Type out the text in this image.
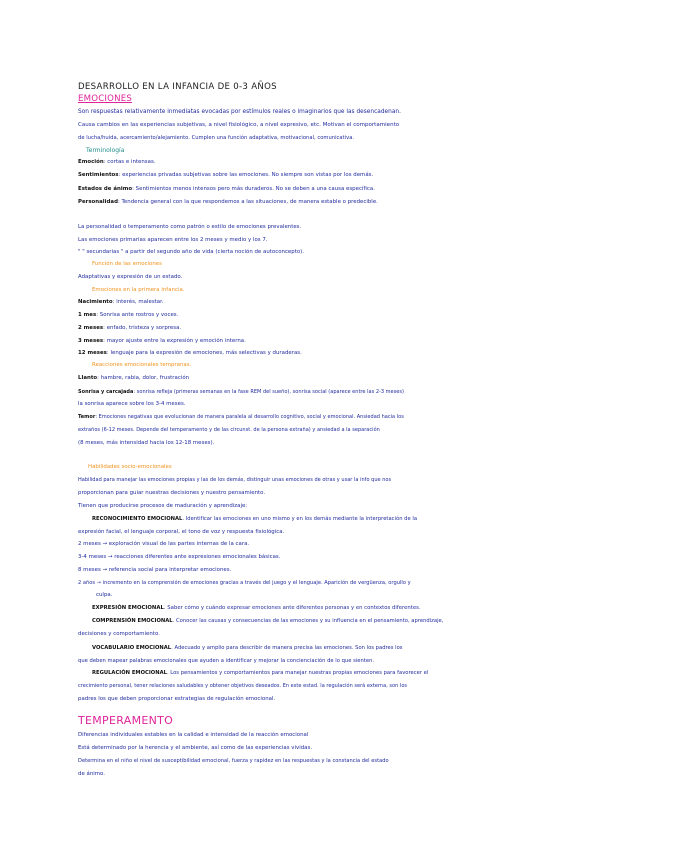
DESARROLLO EN LA INFANCIA DE 0-3 AÑOS
EMOCIONES
Son respuestas relativamente inmediatas evocadas por estímulos reales o imaginarios que las desencadenan.
Causa cambios en las experiencias subjetivas, a nivel fisiológico, a nivel expresivo, etc. Motivan el comportamiento
de lucha/huida, acercamiento/alejamiento. Cumplen una función adaptativa, motivacional, comunicativa.
Terminología
Emoción: cortas e intensas.
Sentimientos: experiencias privadas subjetivas sobre las emociones. No siempre son vistas por los demás.
Estados de ánimo: Sentimientos menos intensos pero más duraderos. No se deben a una causa específica.
Personalidad: Tendencia general con la que respondemos a las situaciones, de manera estable o predecible.
La personalidad o temperamento como patrón o estilo de emociones prevalentes.
Las emociones primarias aparecen entre los 2 meses y medio y los 7.
" " secundarias " a partir del segundo año de vida (cierta noción de autoconcepto).
Función de las emociones
Adaptativas y expresión de un estado.
Emociones en la primera infancia.
Nacimiento: interés, malestar.
1 mes: Sonrisa ante rostros y voces.
2 meses: enfado, tristeza y sorpresa.
3 meses: mayor ajuste entre la expresión y emoción interna.
12 meses: lenguaje para la expresión de emociones, más selectivas y duraderas.
Reacciones emocionales tempranas.
Llanto: hambre, rabia, dolor, frustración
Sonrisa y carcajada: sonrisa refleja (primeras semanas en la fase REM del sueño), sonrisa social (aparece entre las 2-3 meses)
la sonrisa aparece sobre los 3-4 meses.
Temor: Emociones negativas que evolucionan de manera paralela al desarrollo cognitivo, social y emocional. Ansiedad hacia los
extraños (6-12 meses. Depende del temperamento y de las circunst. de la persona extraña) y ansiedad a la separación
(8 meses, más intensidad hacia los 12-18 meses).
Habilidades socio-emocionales
Habilidad para manejar las emociones propias y las de los demás, distinguir unas emociones de otras y usar la info que nos
proporcionan para guiar nuestras decisiones y nuestro pensamiento.
Tienen que producirse procesos de maduración y aprendizaje:
RECONOCIMIENTO EMOCIONAL. Identificar las emociones en uno mismo y en los demás mediante la interpretación de la
expresión facial, el lenguaje corporal, el tono de voz y respuesta fisiológica.
2 meses → exploración visual de las partes internas de la cara.
3-4 meses → reacciones diferentes ante expresiones emocionales básicas.
8 meses → referencia social para interpretar emociones.
2 años → incremento en la comprensión de emociones gracias a través del juego y el lenguaje. Aparición de vergüenza, orgullo y
culpa.
EXPRESIÓN EMOCIONAL. Saber cómo y cuándo expresar emociones ante diferentes personas y en contextos diferentes.
COMPRENSIÓN EMOCIONAL. Conocer las causas y consecuencias de las emociones y su influencia en el pensamiento, aprendizaje,
decisiones y comportamiento.
VOCABULARIO EMOCIONAL. Adecuado y amplio para describir de manera precisa las emociones. Son los padres los
que deben mapear palabras emocionales que ayuden a identificar y mejorar la concienciación de lo que sienten.
REGULACIÓN EMOCIONAL. Los pensamientos y comportamientos para manejar nuestras propias emociones para favorecer el
crecimiento personal, tener relaciones saludables y obtener objetivos deseados. En este estad. la regulación será externa, son los
padres los que deben proporcionar estrategias de regulación emocional.
TEMPERAMENTO
Diferencias individuales estables en la calidad e intensidad de la reacción emocional
Está determinado por la herencia y el ambiente, así como de las experiencias vividas.
Determina en el niño el nivel de susceptibilidad emocional, fuerza y rapidez en las respuestas y la constancia del estado
de ánimo.
